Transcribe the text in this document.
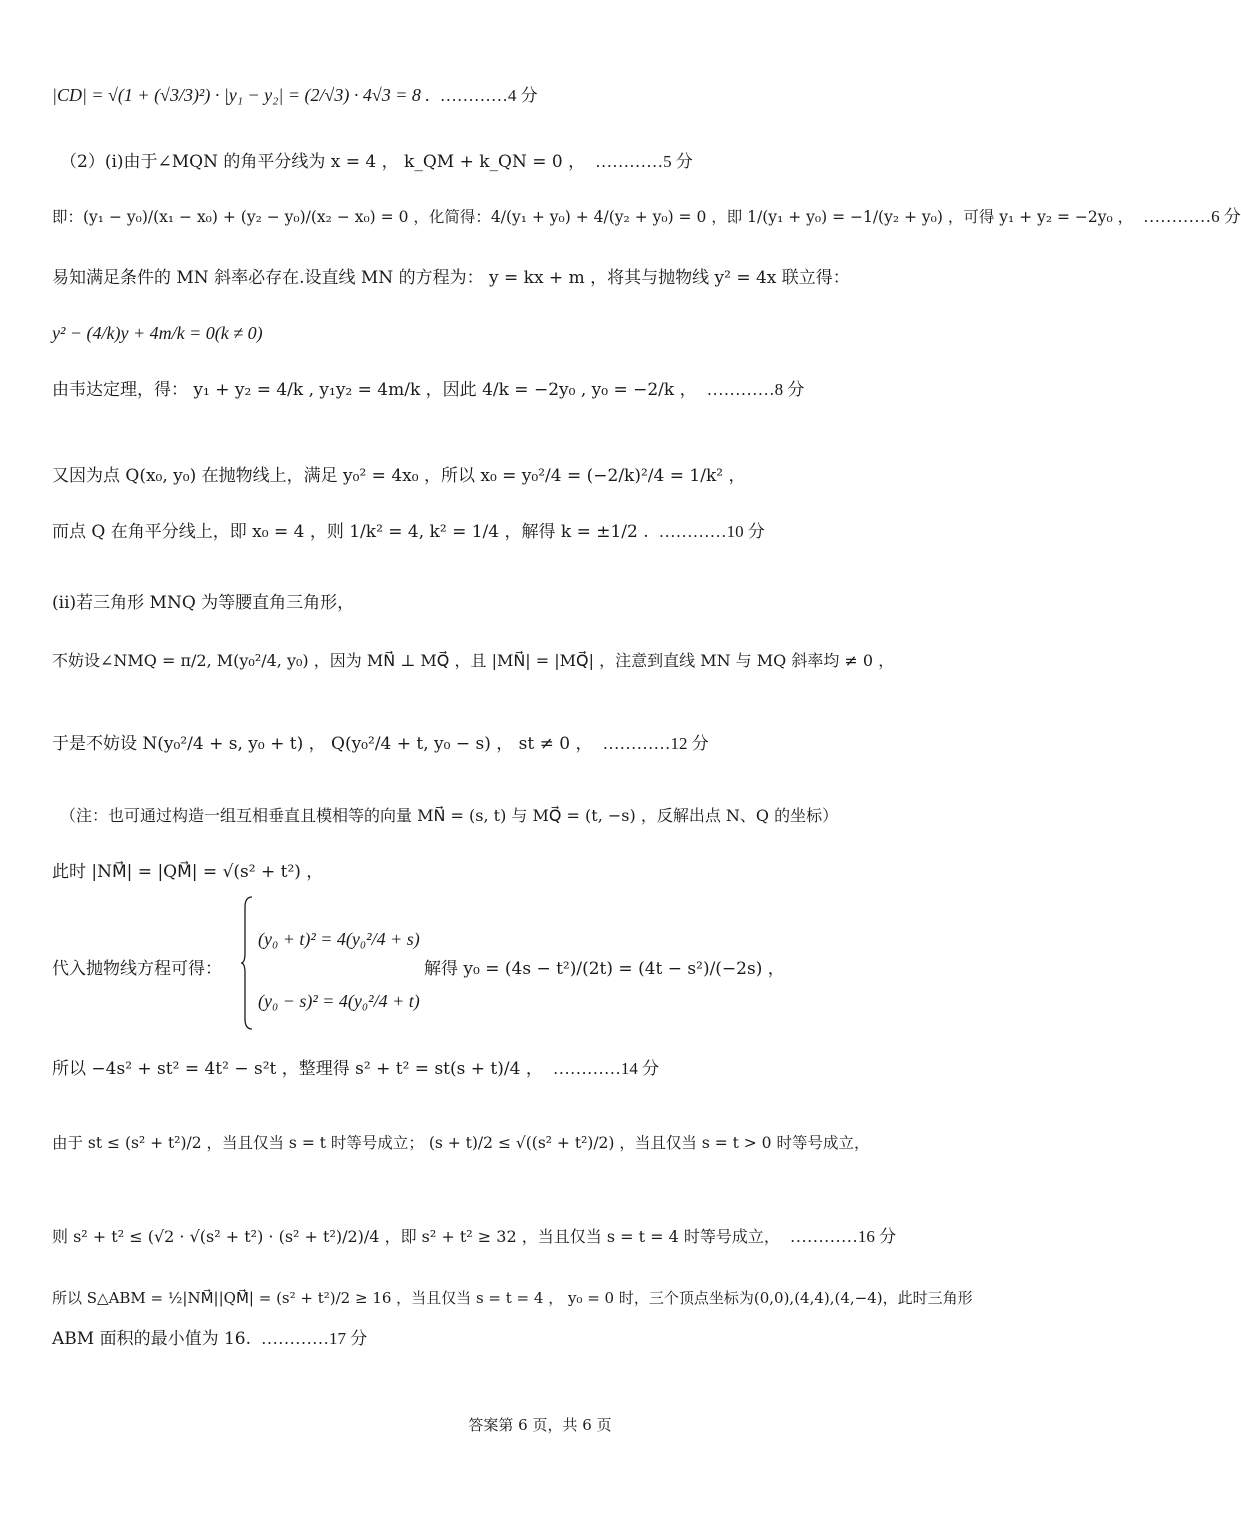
|CD| = √(1 + (√3/3)²) · |y₁ − y₂| = (2/√3) · 4√3 = 8 . …………4 分
（2）(i)由于∠MQN 的角平分线为 x = 4 ， k_QM + k_QN = 0 ， …………5 分
即：(y₁ − y₀)/(x₁ − x₀) + (y₂ − y₀)/(x₂ − x₀) = 0 ，化简得：4/(y₁ + y₀) + 4/(y₂ + y₀) = 0 ，即 1/(y₁ + y₀) = −1/(y₂ + y₀) ，可得 y₁ + y₂ = −2y₀ ， …………6 分
易知满足条件的 MN 斜率必存在.设直线 MN 的方程为： y = kx + m ，将其与抛物线 y² = 4x 联立得：
y² − (4/k)y + 4m/k = 0(k ≠ 0)
由韦达定理，得： y₁ + y₂ = 4/k , y₁y₂ = 4m/k ，因此 4/k = −2y₀ , y₀ = −2/k ， …………8 分
又因为点 Q(x₀, y₀) 在抛物线上，满足 y₀² = 4x₀ ，所以 x₀ = y₀²/4 = (−2/k)²/4 = 1/k² ，
而点 Q 在角平分线上，即 x₀ = 4 ，则 1/k² = 4, k² = 1/4 ，解得 k = ±1/2 . …………10 分
(ii)若三角形 MNQ 为等腰直角三角形，
不妨设∠NMQ = π/2, M(y₀²/4, y₀) ，因为 MN⃗ ⊥ MQ⃗ ，且 |MN⃗| = |MQ⃗| ，注意到直线 MN 与 MQ 斜率均 ≠ 0 ，
于是不妨设 N(y₀²/4 + s, y₀ + t) ， Q(y₀²/4 + t, y₀ − s) ， st ≠ 0 ， …………12 分
（注：也可通过构造一组互相垂直且模相等的向量 MN⃗ = (s, t) 与 MQ⃗ = (t, −s) ，反解出点 N、Q 的坐标）
此时 |NM⃗| = |QM⃗| = √(s² + t²) ，
(y₀ + t)² = 4(y₀²/4 + s)
代入抛物线方程可得：	解得 y₀ = (4s − t²)/(2t) = (4t − s²)/(−2s) ，
(y₀ − s)² = 4(y₀²/4 + t)
所以 −4s² + st² = 4t² − s²t ，整理得 s² + t² = st(s + t)/4 ， …………14 分
由于 st ≤ (s² + t²)/2 ，当且仅当 s = t 时等号成立； (s + t)/2 ≤ √((s² + t²)/2) ，当且仅当 s = t > 0 时等号成立，
则 s² + t² ≤ (√2 · √(s² + t²) · (s² + t²)/2)/4 ，即 s² + t² ≥ 32 ，当且仅当 s = t = 4 时等号成立， …………16 分
所以 S△ABM = ½|NM⃗||QM⃗| = (s² + t²)/2 ≥ 16 ，当且仅当 s = t = 4 ， y₀ = 0 时，三个顶点坐标为(0,0),(4,4),(4,−4)，此时三角形
ABM 面积的最小值为 16. …………17 分
答案第 6 页，共 6 页
